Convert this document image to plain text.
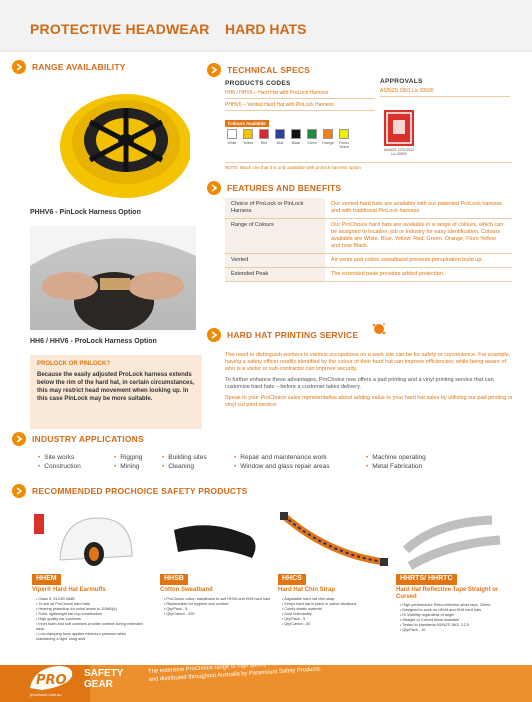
PROTECTIVE HEADWEAR HARD HATS
RANGE AVAILABILITY
PHHV6 - PinLock Harness Option
HH6 / HHV6 - ProLock Harness Option
PROLOCK OR PINLOCK?
Because the easily adjusted ProLock harness extends below the rim of the hard hat, in certain circumstances, this may restrict head movement when looking up. In this case PinLock may be more suitable.
TECHNICAL SPECS
PRODUCTS CODES
HH6 / HHV6 – Hard Hat with ProLock Harness
PHHV6 – Vented Hard Hat with PinLock Harness
APPROVALS
AS/NZS 1801 Lic 20500
Colours Available
White	Yellow	Red	Blue	Black	Green	Orange	Fluoro Yellow
AS/NZS 1270:2002 Lic 20500
NOTE: Black one that it is only available with prolock harness option
FEATURES AND BENEFITS
Choice of ProLock or PinLock Harness	Our vented hard hats are available with our patented ProLock harness and with traditional PinLock harness.
Range of Colours	Our ProChoice hard hats are available in a range of colours, which can be assigned to location, job or industry for easy identification. Colours available are White, Blue, Yellow, Red, Green, Orange, Fluro Yellow and now Black.
Vented	Air vents and cotton sweatband prevents perspiration build up.
Extended Peak	The extended peak provides added protection.
HARD HAT PRINTING SERVICE

The need to distinguish workers in various occupations on a work site can be for safety or convenience. For example, having a safety officer readily identified by the colour of their hard hat can improve efficiencies; while being aware of who is a visitor or sub-contractor can improve security.

To further enhance these advantages, ProChoice now offers a pad printing and a vinyl printing service that can customise hard hats – before a customer takes delivery.

Speak to your ProChoice sales representative about adding value to your hard hat sales by utilizing our pad printing or vinyl cut print service.

INDUSTRY APPLICATIONS
• Site works
• Construction
• Rigging
• Mining
• Building sites
• Cleaning
• Repair and maintenance work
• Window and glass repair areas
• Machine operating
• Metal Fabrication
RECOMMENDED PROCHOICE SAFETY PRODUCTS
HHEM
Viper® Hard Hat Earmuffs
• Class 5, SLC80 26dB
• To suit all ProChoice hard hats
• Hearing protection for noise levels to 110dB(A)
• Solid, lightweight ear cup construction
• High quality ear cushions
• Inner foam and soft cushions provide comfort during extended wear
• Low clamping force applies minimum pressure while maintaining a tight, snug seal
HHSB
Cotton Sweatband
• ProChoice cotton sweatband to suit HHV6 and HH6 hard hats
• Replaceable for hygiene and comfort
• Qty/Pack - 5
• Qty/Carton - 200
HHCS
Hard Hat Chin Strap
• Adjustable hard hat chin strap
• Keeps hard hat in place in active situations
• Comfy elastic material
• Sold Individually
• Qty/Pack - 5
• Qty/Carton - 50
HHRTS/ HHRTC
Hard Hat Reflective Tape Straight or Curved
• High performance Retro-reflective silver tape, 25mm
• Designed to work on HHV6 and HH6 hard hats
• Hi Visibility regardless of angle
• Straight or Curved finish available
• Tested to standards AS/NZS 1801 3.2.5
• Qty/Pack - 10
PRO SAFETY
GEAR
prochoice.com.au
The extensive ProChoice range of high quality Personal Protective Equipment is produced for Australian conditions and distributed throughout Australia by Paramount Safety Products.
